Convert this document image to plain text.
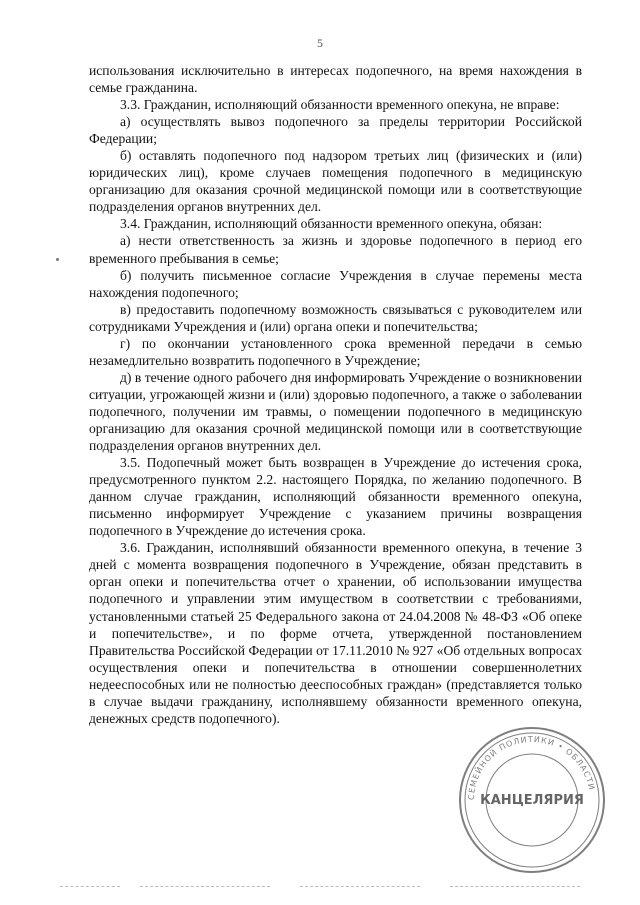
5

использования исключительно в интересах подопечного, на время нахождения в семье гражданина.

3.3. Гражданин, исполняющий обязанности временного опекуна, не вправе:

а) осуществлять вывоз подопечного за пределы территории Российской Федерации;

б) оставлять подопечного под надзором третьих лиц (физических и (или) юридических лиц), кроме случаев помещения подопечного в медицинскую организацию для оказания срочной медицинской помощи или в соответствующие подразделения органов внутренних дел.

3.4. Гражданин, исполняющий обязанности временного опекуна, обязан:

а) нести ответственность за жизнь и здоровье подопечного в период его временного пребывания в семье;

б) получить письменное согласие Учреждения в случае перемены места нахождения подопечного;

в) предоставить подопечному возможность связываться с руководителем или сотрудниками Учреждения и (или) органа опеки и попечительства;

г) по окончании установленного срока временной передачи в семью незамедлительно возвратить подопечного в Учреждение;

д) в течение одного рабочего дня информировать Учреждение о возникновении ситуации, угрожающей жизни и (или) здоровью подопечного, а также о заболевании подопечного, получении им травмы, о помещении подопечного в медицинскую организацию для оказания срочной медицинской помощи или в соответствующие подразделения органов внутренних дел.

3.5. Подопечный может быть возвращен в Учреждение до истечения срока, предусмотренного пунктом 2.2. настоящего Порядка, по желанию подопечного. В данном случае гражданин, исполняющий обязанности временного опекуна, письменно информирует Учреждение с указанием причины возвращения подопечного в Учреждение до истечения срока.

3.6. Гражданин, исполнявший обязанности временного опекуна, в течение 3 дней с момента возвращения подопечного в Учреждение, обязан представить в орган опеки и попечительства отчет о хранении, об использовании имущества подопечного и управлении этим имуществом в соответствии с требованиями, установленными статьей 25 Федерального закона от 24.04.2008 № 48-ФЗ «Об опеке и попечительстве», и по форме отчета, утвержденной постановлением Правительства Российской Федерации от 17.11.2010 № 927 «Об отдельных вопросах осуществления опеки и попечительства в отношении совершеннолетних недееспособных или не полностью дееспособных граждан» (представляется только в случае выдачи гражданину, исполнявшему обязанности временного опекуна, денежных средств подопечного).

СЕМЕЙНОЙ ПОЛИТИКИ • ОБЛАСТИ
КАНЦЕЛЯРИЯ
